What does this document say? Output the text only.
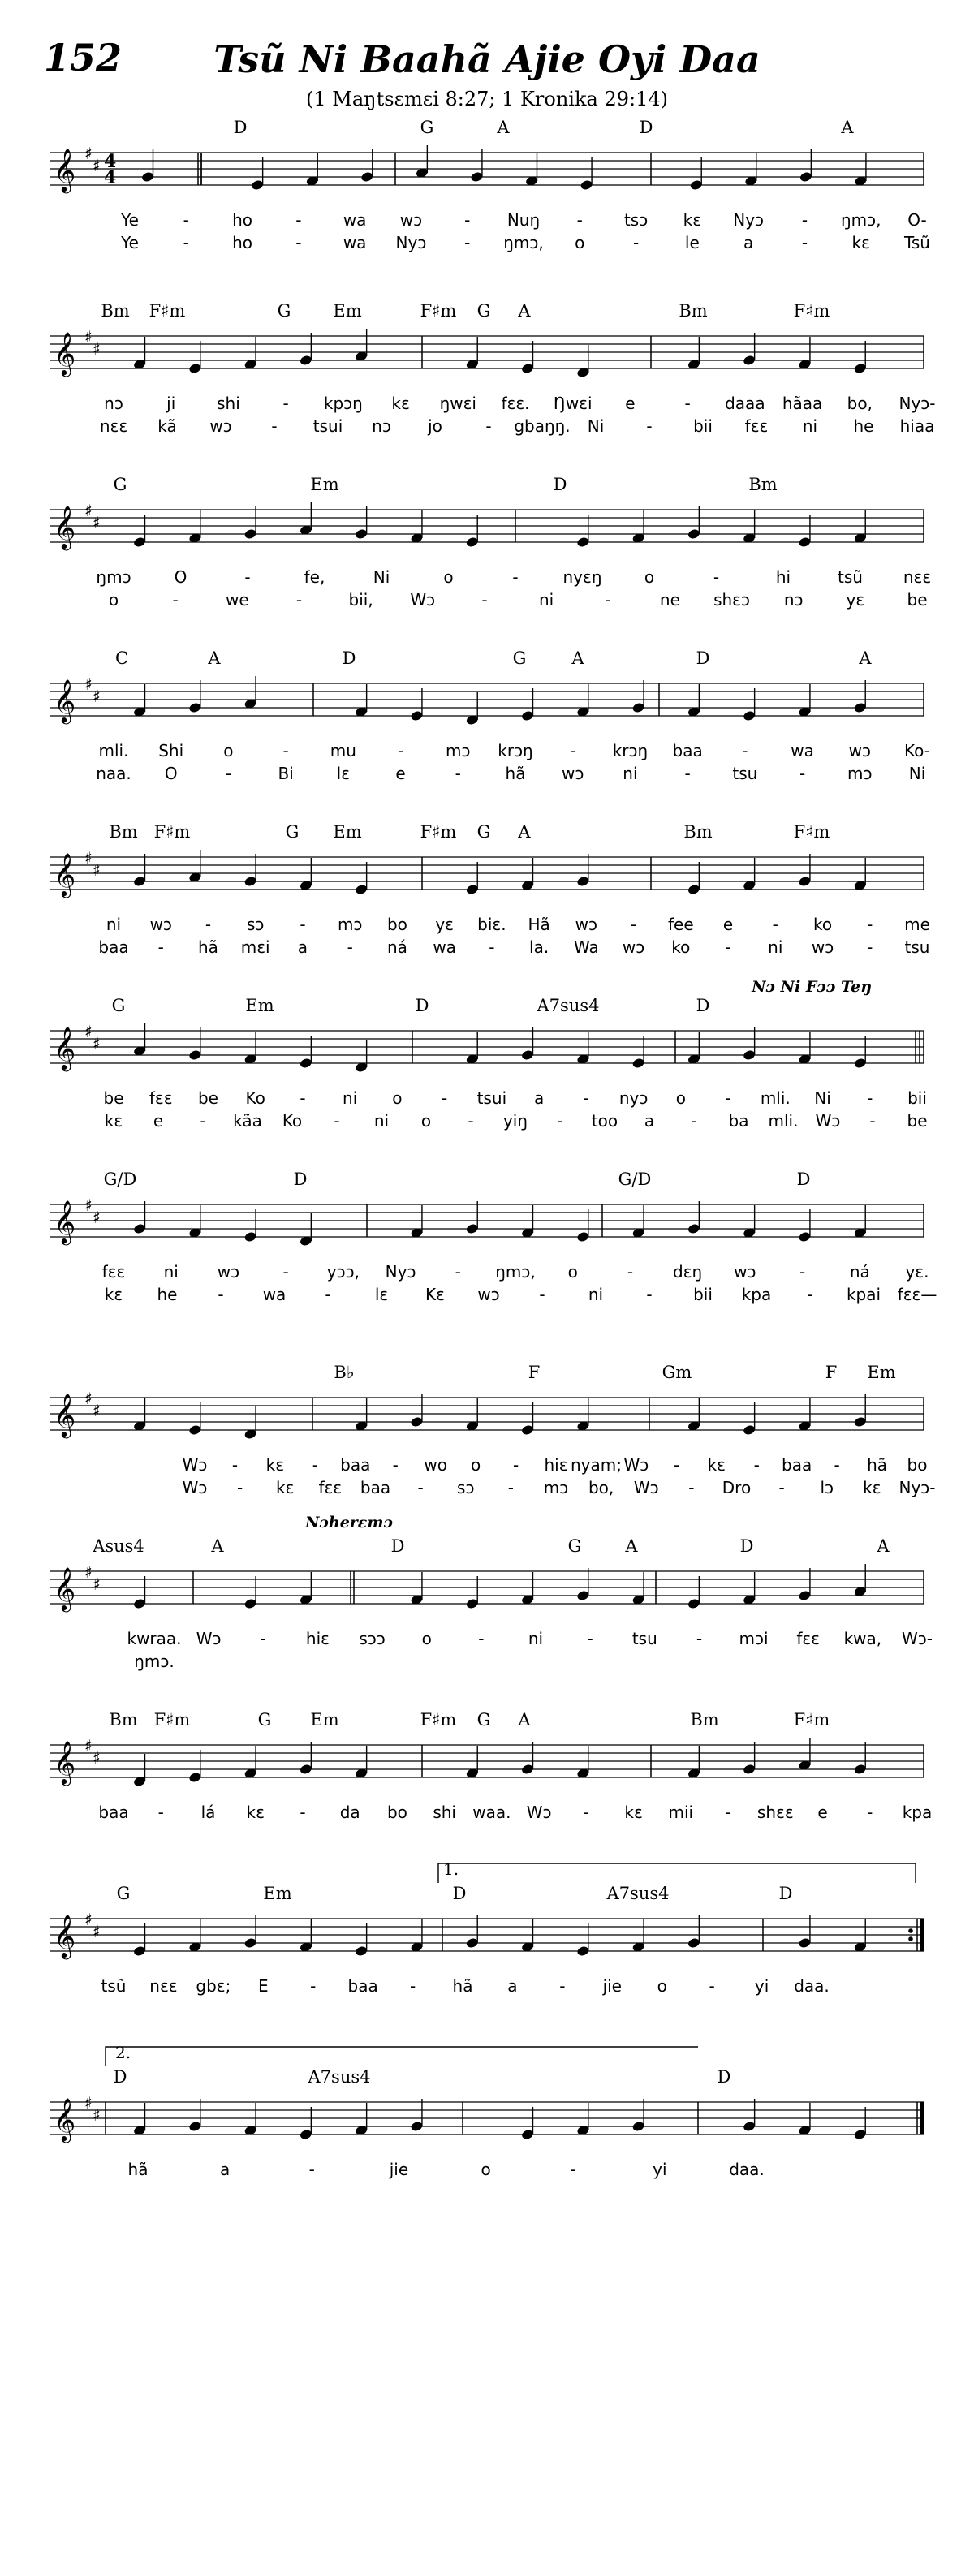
152	Tsũ Ni Baahã Ajie Oyi Daa
(1 Maŋtsɛmɛi 8:27; 1 Kronika 29:14)
𝄞 ♯
♯ 4
4
D	G	A	D	A
Ye	-	ho	-	wa wɔ	- Nuŋ -	tsɔ kɛ Nyɔ - ŋmɔ, O-
Ye	-	ho	-	wa Nyɔ - ŋmɔ, o	-	le	a	-	kɛ Tsũ
𝄞 ♯
♯
Bm F♯m	G Em	F♯m G A	Bm	F♯m
nɔ	ji	shi	- kpɔŋ kɛ ŋwɛi fɛɛ. Ŋwɛi e	- daaa hãaa bo, Nyɔ-
nɛɛ kã wɔ - tsui nɔ jo	- gbaŋŋ. Ni	-	bii fɛɛ ni he hiaa
𝄞 ♯
♯
G	Em	D	Bm
ŋmɔ	O	-	fe,	Ni	o	-	nyɛŋ	o	-	hi	tsũ nɛɛ
o	-	we	-	bii, Wɔ	-	ni	-	ne shɛɔ nɔ	yɛ	be
𝄞 ♯
♯
C	A	D	G	A	D	A
mli. Shi o	-	mu	-	mɔ krɔŋ - krɔŋ baa -	wa wɔ Ko-
naa. O	-	Bi	lɛ	e	-	hã wɔ ni	-	tsu	-	mɔ Ni
𝄞 ♯
♯
Bm F♯m	G Em	F♯m G A	Bm	F♯m
ni wɔ - sɔ - mɔ bo yɛ biɛ. Hã wɔ - fee e - ko - me
baa - hã mɛi a - ná wa - la. Wa wɔ ko - ni wɔ - tsu
𝄞 ♯
♯
G	Em	D	A7sus4	D
Nɔ Ni Fɔɔ Teŋ
be fɛɛ be Ko - ni o - tsui a - nyɔ o - mli. Ni - bii
kɛ e - kãa Ko - ni o - yiŋ - too a - ba mli. Wɔ - be
𝄞 ♯
♯
G/D	D	G/D	D
fɛɛ ni wɔ	- yɔɔ, Nyɔ - ŋmɔ, o	- dɛŋ wɔ	-	ná yɛ.
kɛ he - wa -	lɛ Kɛ wɔ -	ni	-	bii kpa - kpai fɛɛ—
𝄞 ♯
♯
B♭	F	Gm	F Em
Wɔ - kɛ - baa - wo o - hiɛ nyam; Wɔ - kɛ - baa - hã bo
Wɔ - kɛ fɛɛ baa - sɔ - mɔ bo, Wɔ - Dro - lɔ kɛ Nyɔ-
𝄞 ♯
♯
Asus4	A	D	G	A	D	A
Nɔherɛmɔ
kwraa. Wɔ - hiɛ sɔɔ o	-	ni	- tsu - mɔi fɛɛ kwa, Wɔ-
ŋmɔ.
𝄞 ♯
♯
Bm F♯m	G Em	F♯m G A	Bm	F♯m
baa - lá kɛ - da bo shi waa. Wɔ - kɛ mii - shɛɛ e - kpa
𝄞 ♯
♯
G	Em	D	A7sus4	D
1.
tsũ nɛɛ gbɛ; E	- baa - hã a	- jie o	- yi daa.
𝄞 ♯
♯
D	A7sus4	D
2.
hã	a	-	jie	o	-	yi	daa.
